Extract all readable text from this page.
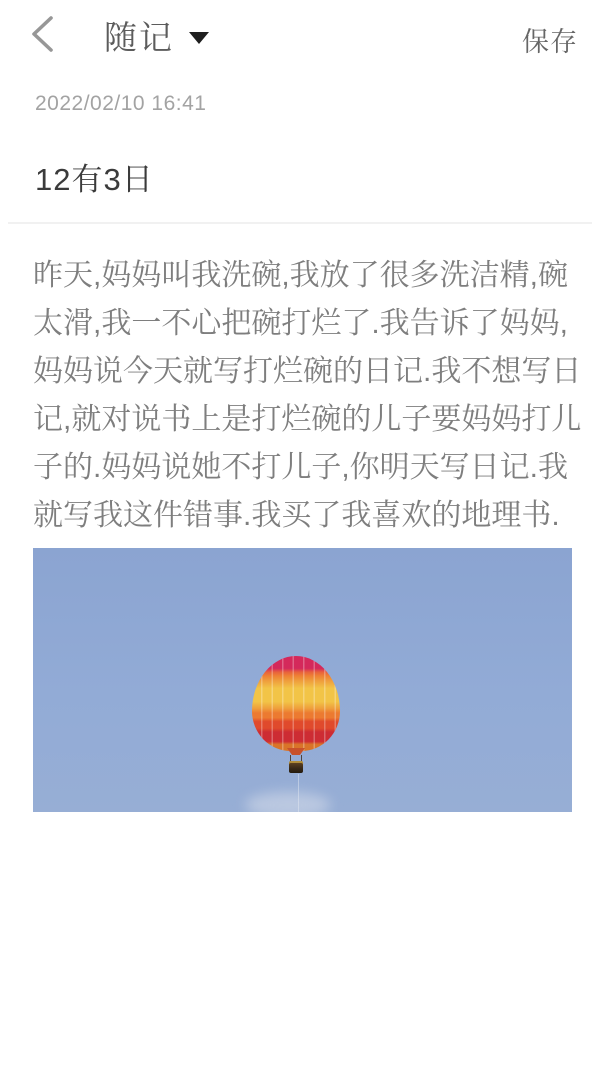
随记	保存
2022/02/10 16:41
12有3日
昨天,妈妈叫我洗碗,我放了很多洗洁精,碗
太滑,我一不心把碗打烂了.我告诉了妈妈,
妈妈说今天就写打烂碗的日记.我不想写日
记,就对说书上是打烂碗的儿子要妈妈打儿
子的.妈妈说她不打儿子,你明天写日记.我
就写我这件错事.我买了我喜欢的地理书.
